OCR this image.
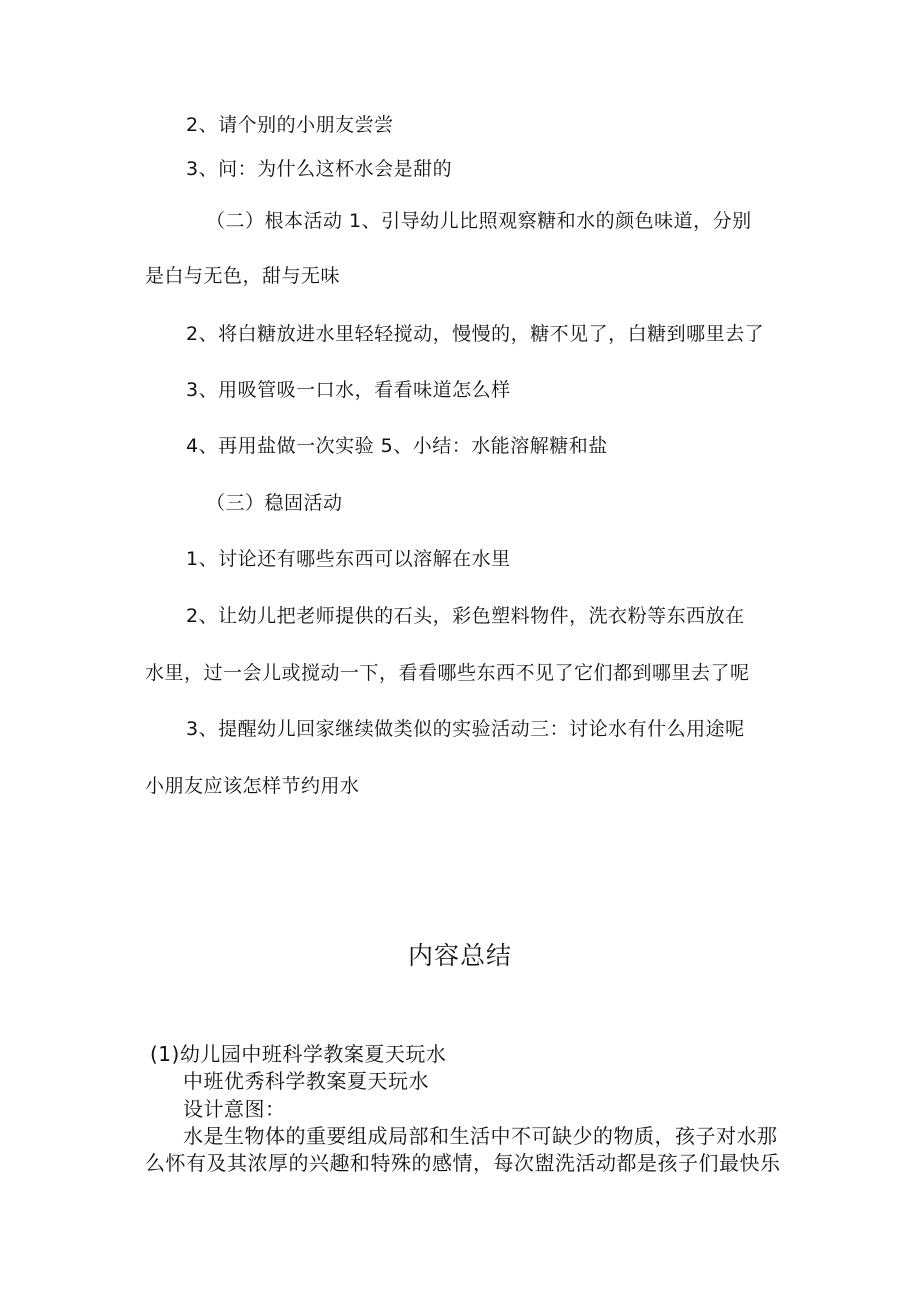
2、请个别的小朋友尝尝
3、问：为什么这杯水会是甜的
（二）根本活动 1、引导幼儿比照观察糖和水的颜色味道，分别
是白与无色，甜与无味
2、将白糖放进水里轻轻搅动，慢慢的，糖不见了，白糖到哪里去了
3、用吸管吸一口水，看看味道怎么样
4、再用盐做一次实验 5、小结：水能溶解糖和盐
（三）稳固活动
1、讨论还有哪些东西可以溶解在水里
2、让幼儿把老师提供的石头，彩色塑料物件，洗衣粉等东西放在
水里，过一会儿或搅动一下，看看哪些东西不见了它们都到哪里去了呢
3、提醒幼儿回家继续做类似的实验活动三：讨论水有什么用途呢
小朋友应该怎样节约用水
内容总结
(1)幼儿园中班科学教案夏天玩水
中班优秀科学教案夏天玩水
设计意图：
水是生物体的重要组成局部和生活中不可缺少的物质，孩子对水那
么怀有及其浓厚的兴趣和特殊的感情，每次盥洗活动都是孩子们最快乐
